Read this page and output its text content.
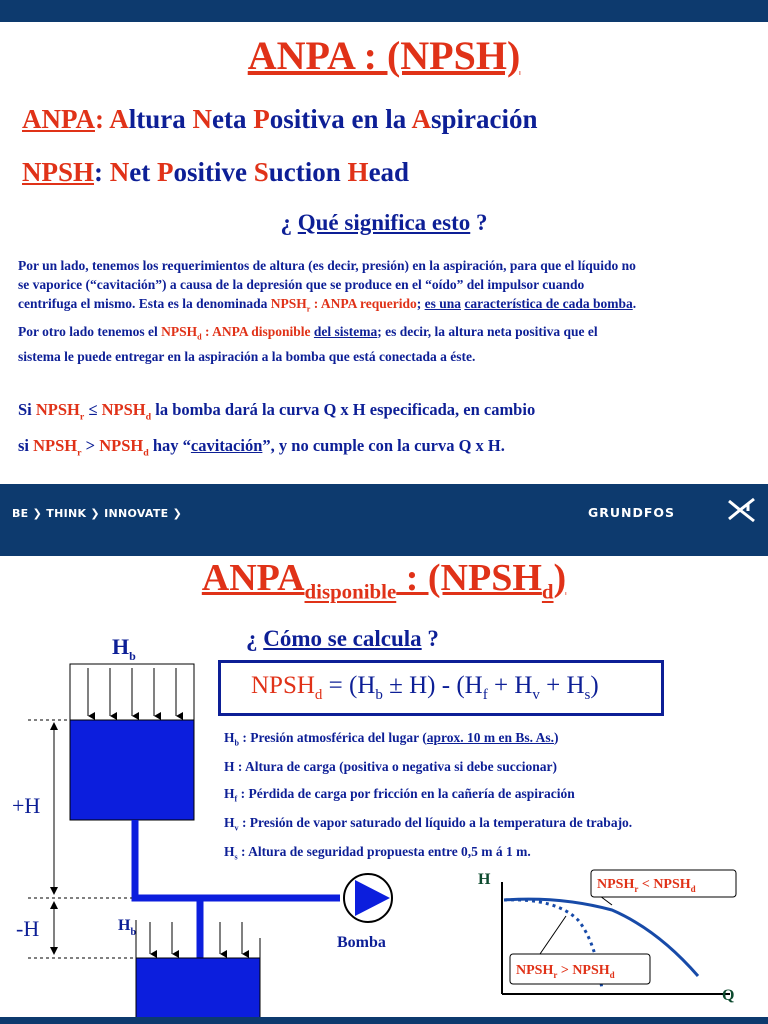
ANPA : (NPSH)
ANPA: Altura Neta Positiva en la Aspiración
NPSH: Net Positive Suction Head
¿ Qué significa esto ?
Por un lado, tenemos los requerimientos de altura (es decir, presión) en la aspiración, para que el líquido no
se vaporice (“cavitación”) a causa de la depresión que se produce en el “oído” del impulsor cuando
centrifuga el mismo. Esta es la denominada $NPSH_r$ : ANPA requerido; es una característica de cada bomba.
Por otro lado tenemos el $NPSH_d$ : ANPA disponible del sistema; es decir, la altura neta positiva que el
sistema le puede entregar en la aspiración a la bomba que está conectada a éste.
Si $NPSH_r$ ≤ $NPSH_d$ la bomba dará la curva Q x H especificada, en cambio
si $NPSH_r$ > $NPSH_d$ hay “cavitación”, y no cumple con la curva Q x H.
BE ❯ THINK ❯ INNOVATE ❯	GRUNDFOS
$ANPA_{disponible}$ : $(NPSH_d)$
¿ Cómo se calcula ?
$NPSH_d = (H_b \pm H) - (H_f + H_v + H_s)$
$H_b$ : Presión atmosférica del lugar (aprox. 10 m en Bs. As.)
H : Altura de carga (positiva o negativa si debe succionar)
$H_f$ : Pérdida de carga por fricción en la cañería de aspiración
$H_v$ : Presión de vapor saturado del líquido a la temperatura de trabajo.
$H_s$ : Altura de seguridad propuesta entre 0,5 m á 1 m.
$H_b$
Bomba
+H
-H	$H_b$
H
Q
$NPSH_r$ < $NPSH_d$
$NPSH_r$ > $NPSH_d$
